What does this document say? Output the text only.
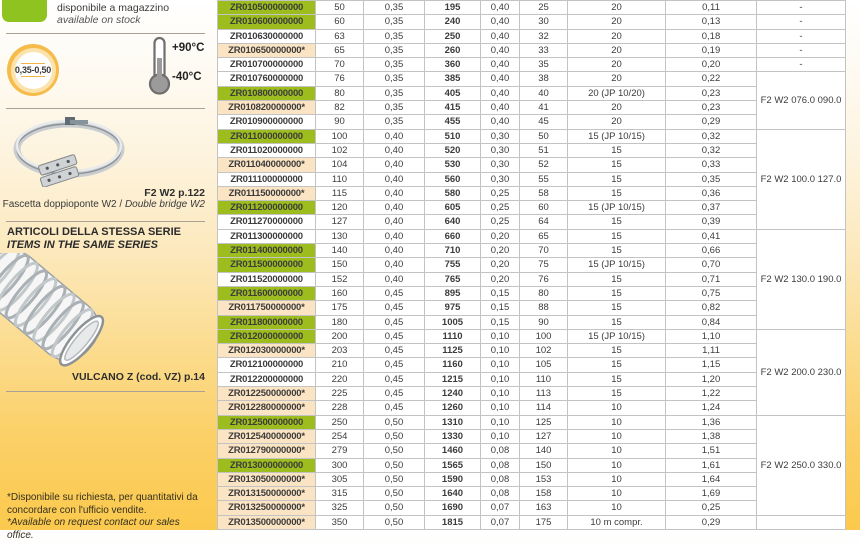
disponibile a magazzino
available on stock
0,35-0,50
+90°C
-40°C
F2 W2 p.122
Fascetta doppioponte W2 / Double bridge W2
ARTICOLI DELLA STESSA SERIE
ITEMS IN THE SAME SERIES
VULCANO Z (cod. VZ) p.14
*Disponibile su richiesta, per quantitativi da
concordare con l'ufficio vendite.
*Available on request contact our sales office.
ZR010500000000	50	0,35	195	0,40	25	20	0,11	-
ZR010600000000	60	0,35	240	0,40	30	20	0,13	-
ZR010630000000	63	0,35	250	0,40	32	20	0,18	-
ZR010650000000*	65	0,35	260	0,40	33	20	0,19	-
ZR010700000000	70	0,35	360	0,40	35	20	0,20	-
ZR010760000000	76	0,35	385	0,40	38	20	0,22	F2 W2 076.0 090.0
ZR010800000000	80	0,35	405	0,40	40	20 (JP 10/20)	0,23	
ZR010820000000*	82	0,35	415	0,40	41	20	0,23	
ZR010900000000	90	0,35	455	0,40	45	20	0,29	
ZR011000000000	100	0,40	510	0,30	50	15 (JP 10/15)	0,32	F2 W2 100.0 127.0
ZR011020000000	102	0,40	520	0,30	51	15	0,32	
ZR011040000000*	104	0,40	530	0,30	52	15	0,33	
ZR011100000000	110	0,40	560	0,30	55	15	0,35	
ZR011150000000*	115	0,40	580	0,25	58	15	0,36	
ZR011200000000	120	0,40	605	0,25	60	15 (JP 10/15)	0,37	
ZR011270000000	127	0,40	640	0,25	64	15	0,39	
ZR011300000000	130	0,40	660	0,20	65	15	0,41	F2 W2 130.0 190.0
ZR011400000000	140	0,40	710	0,20	70	15	0,66	
ZR011500000000	150	0,40	755	0,20	75	15 (JP 10/15)	0,70	
ZR011520000000	152	0,40	765	0,20	76	15	0,71	
ZR011600000000	160	0,45	895	0,15	80	15	0,75	
ZR011750000000*	175	0,45	975	0,15	88	15	0,82	
ZR011800000000	180	0,45	1005	0,15	90	15	0,84	
ZR012000000000	200	0,45	1110	0,10	100	15 (JP 10/15)	1,10	F2 W2 200.0 230.0
ZR012030000000*	203	0,45	1125	0,10	102	15	1,11	
ZR012100000000	210	0,45	1160	0,10	105	15	1,15	
ZR012200000000	220	0,45	1215	0,10	110	15	1,20	
ZR012250000000*	225	0,45	1240	0,10	113	15	1,22	
ZR012280000000*	228	0,45	1260	0,10	114	10	1,24	
ZR012500000000	250	0,50	1310	0,10	125	10	1,36	F2 W2 250.0 330.0
ZR012540000000*	254	0,50	1330	0,10	127	10	1,38	
ZR012790000000*	279	0,50	1460	0,08	140	10	1,51	
ZR013000000000	300	0,50	1565	0,08	150	10	1,61	
ZR013050000000*	305	0,50	1590	0,08	153	10	1,64	
ZR013150000000*	315	0,50	1640	0,08	158	10	1,69	
ZR013250000000*	325	0,50	1690	0,07	163	10	0,25	
ZR013500000000*	350	0,50	1815	0,07	175	10 m compr.	0,29	
